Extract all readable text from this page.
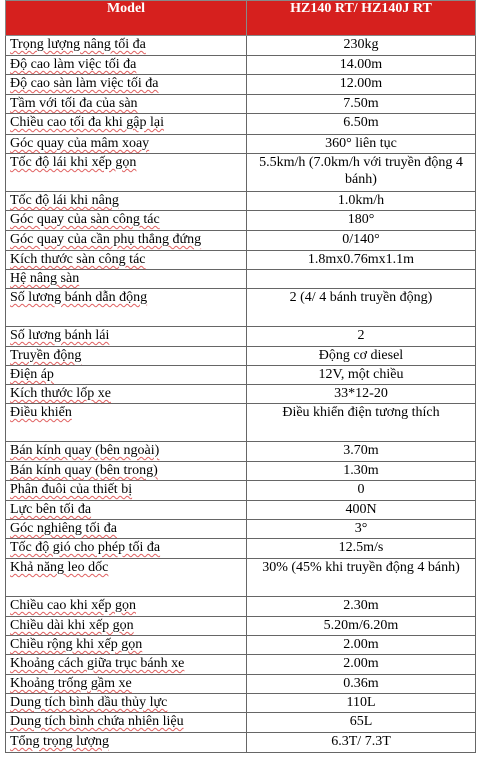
Model	HZ140 RT/ HZ140J RT
Trọng lượng nâng tối đa	230kg
Độ cao làm việc tối đa	14.00m
Độ cao sàn làm việc tối đa	12.00m
Tầm với tối đa của sàn	7.50m
Chiều cao tối đa khi gập lại	6.50m
Góc quay của mâm xoay	360° liên tục
Tốc độ lái khi xếp gọn	5.5km/h (7.0km/h với truyền động 4 bánh)
Tốc độ lái khi nâng	1.0km/h
Góc quay của sàn công tác	180°
Góc quay của cần phụ thẳng đứng	0/140°
Kích thước sàn công tác	1.8mx0.76mx1.1m
Hệ nâng sàn	
Số lương bánh dẫn động	2 (4/ 4 bánh truyền động)
Số lương bánh lái	2
Truyền động	Động cơ diesel
Điện áp	12V, một chiều
Kích thước lốp xe	33*12-20
Điều khiển	Điều khiển điện tương thích
Bán kính quay (bên ngoài)	3.70m
Bán kính quay (bên trong)	1.30m
Phân đuôi của thiết bị	0
Lực bên tối đa	400N
Góc nghiêng tối đa	3°
Tốc độ gió cho phép tối đa	12.5m/s
Khả năng leo dốc	30% (45% khi truyền động 4 bánh)
Chiều cao khi xếp gọn	2.30m
Chiều dài khi xếp gọn	5.20m/6.20m
Chiều rộng khi xếp gọn	2.00m
Khoảng cách giữa trục bánh xe	2.00m
Khoảng trống gầm xe	0.36m
Dung tích bình dầu thủy lực	110L
Dung tích bình chứa nhiên liệu	65L
Tổng trọng lượng	6.3T/ 7.3T
